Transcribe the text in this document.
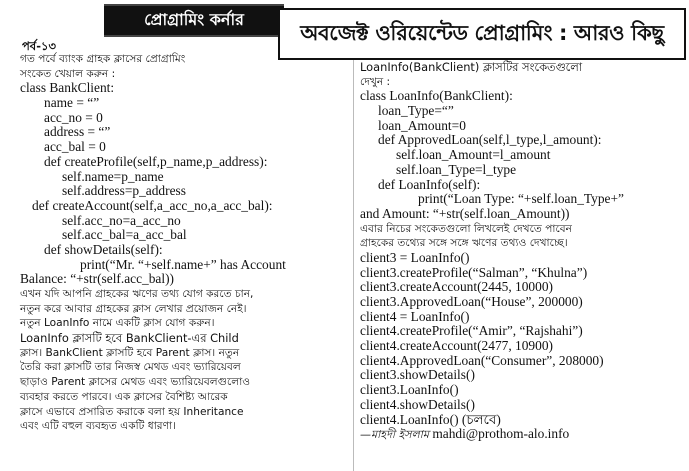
প্রোগ্রামিং কর্নার
অবজেক্ট ওরিয়েন্টেড প্রোগ্রামিং : আরও কিছু
পর্ব-১৩
গত পর্বে ব্যাংক গ্রাহক ক্লাসের প্রোগ্রামিং
সংকেত খেয়াল করুন :
class BankClient:
name = “”
acc_no = 0
address = “”
acc_bal = 0
def createProfile(self,p_name,p_address):
self.name=p_name
self.address=p_address
def createAccount(self,a_acc_no,a_acc_bal):
self.acc_no=a_acc_no
self.acc_bal=a_acc_bal
def showDetails(self):
print(“Mr. “+self.name+” has Account
Balance: “+str(self.acc_bal))
এখন যদি আপনি গ্রাহকের ঋণের তথ্য যোগ করতে চান,
নতুন করে আবার গ্রাহকের ক্লাস লেখার প্রয়োজন নেই।
নতুন LoanInfo নামে একটি ক্লাস যোগ করুন।
LoanInfo ক্লাসটি হবে BankClient-এর Child
ক্লাস। BankClient ক্লাসটি হবে Parent ক্লাস। নতুন
তৈরি করা ক্লাসটি তার নিজস্ব মেথড এবং ভ্যারিয়েবল
ছাড়াও Parent ক্লাসের মেথড এবং ভ্যারিয়েবলগুলোও
ব্যবহার করতে পারবে। এক ক্লাসের বৈশিষ্ট্য আরেক
ক্লাসে এভাবে প্রসারিত করাকে বলা হয় Inheritance
এবং এটি বহুল ব্যবহৃত একটি ধারণা।
LoanInfo(BankClient) ক্লাসটির সংকেতগুলো
দেখুন :
class LoanInfo(BankClient):
loan_Type=“”
loan_Amount=0
def ApprovedLoan(self,l_type,l_amount):
self.loan_Amount=l_amount
self.loan_Type=l_type
def LoanInfo(self):
print(“Loan Type: “+self.loan_Type+”
and Amount: “+str(self.loan_Amount))
এবার নিচের সংকেতগুলো লিখলেই দেখতে পাবেন
গ্রাহকের তথ্যের সঙ্গে সঙ্গে ঋণের তথ্যও দেখাচ্ছে।
client3 = LoanInfo()
client3.createProfile(“Salman”, “Khulna”)
client3.createAccount(2445, 10000)
client3.ApprovedLoan(“House”, 200000)
client4 = LoanInfo()
client4.createProfile(“Amir”, “Rajshahi”)
client4.createAccount(2477, 10900)
client4.ApprovedLoan(“Consumer”, 208000)
client3.showDetails()
client3.LoanInfo()
client4.showDetails()
client4.LoanInfo() (চলবে)
—মাহদী ইসলাম mahdi@prothom-alo.info
